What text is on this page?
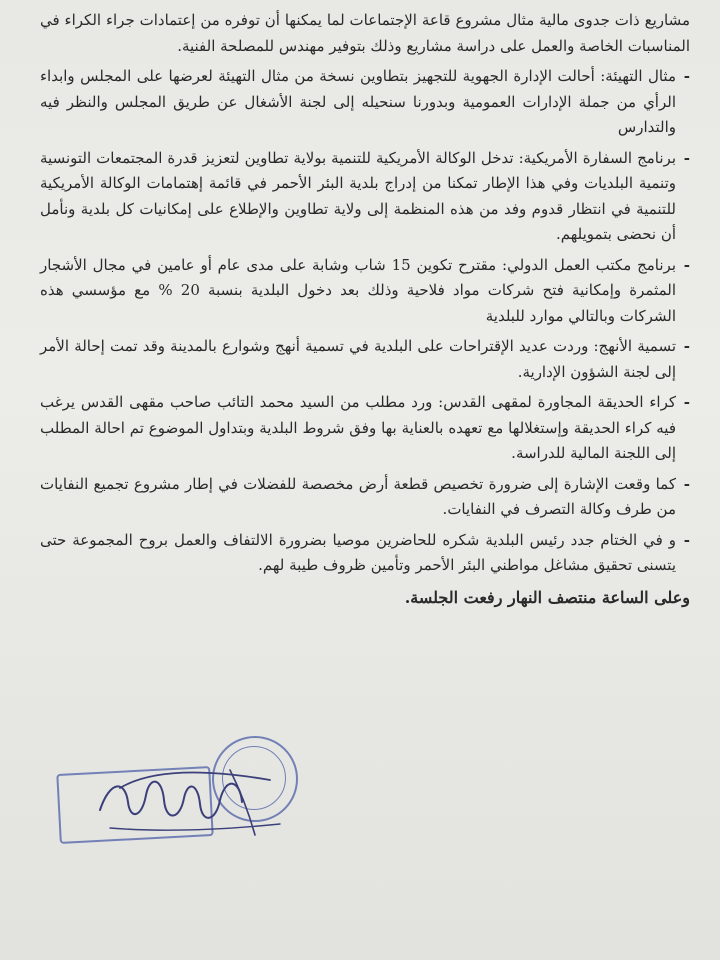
مشاريع ذات جدوى مالية مثال مشروع قاعة الإجتماعات لما يمكنها أن توفره من إعتمادات جراء الكراء في المناسبات الخاصة والعمل على دراسة مشاريع وذلك بتوفير مهندس للمصلحة الفنية.

- مثال التهيئة: أحالت الإدارة الجهوية للتجهيز بتطاوين نسخة من مثال التهيئة لعرضها على المجلس وابداء الرأي من جملة الإدارات العمومية وبدورنا سنحيله إلى لجنة الأشغال عن طريق المجلس والنظر فيه والتدارس

- برنامج السفارة الأمريكية: تدخل الوكالة الأمريكية للتنمية بولاية تطاوين لتعزيز قدرة المجتمعات التونسية وتنمية البلديات وفي هذا الإطار تمكنا من إدراج بلدية البئر الأحمر في قائمة إهتمامات الوكالة الأمريكية للتنمية في انتظار قدوم وفد من هذه المنظمة إلى ولاية تطاوين والإطلاع على إمكانيات كل بلدية ونأمل أن نحضى بتمويلهم.

- برنامج مكتب العمل الدولي: مقترح تكوين 15 شاب وشابة على مدى عام أو عامين في مجال الأشجار المثمرة وإمكانية فتح شركات مواد فلاحية وذلك بعد دخول البلدية بنسبة 20 % مع مؤسسي هذه الشركات وبالتالي موارد للبلدية

- تسمية الأنهج: وردت عديد الإقتراحات على البلدية في تسمية أنهج وشوارع بالمدينة وقد تمت إحالة الأمر إلى لجنة الشؤون الإدارية.

- كراء الحديقة المجاورة لمقهى القدس: ورد مطلب من السيد محمد التائب صاحب مقهى القدس يرغب فيه كراء الحديقة وإستغلالها مع تعهده بالعناية بها وفق شروط البلدية وبتداول الموضوع تم احالة المطلب إلى اللجنة المالية للدراسة.

- كما وقعت الإشارة إلى ضرورة تخصيص قطعة أرض مخصصة للفضلات في إطار مشروع تجميع النفايات من طرف وكالة التصرف في النفايات.

- و في الختام جدد رئيس البلدية شكره للحاضرين موصيا بضرورة الالتفاف والعمل بروح المجموعة حتى يتسنى تحقيق مشاغل مواطني البئر الأحمر وتأمين ظروف طيبة لهم.

وعلى الساعة منتصف النهار رفعت الجلسة.
